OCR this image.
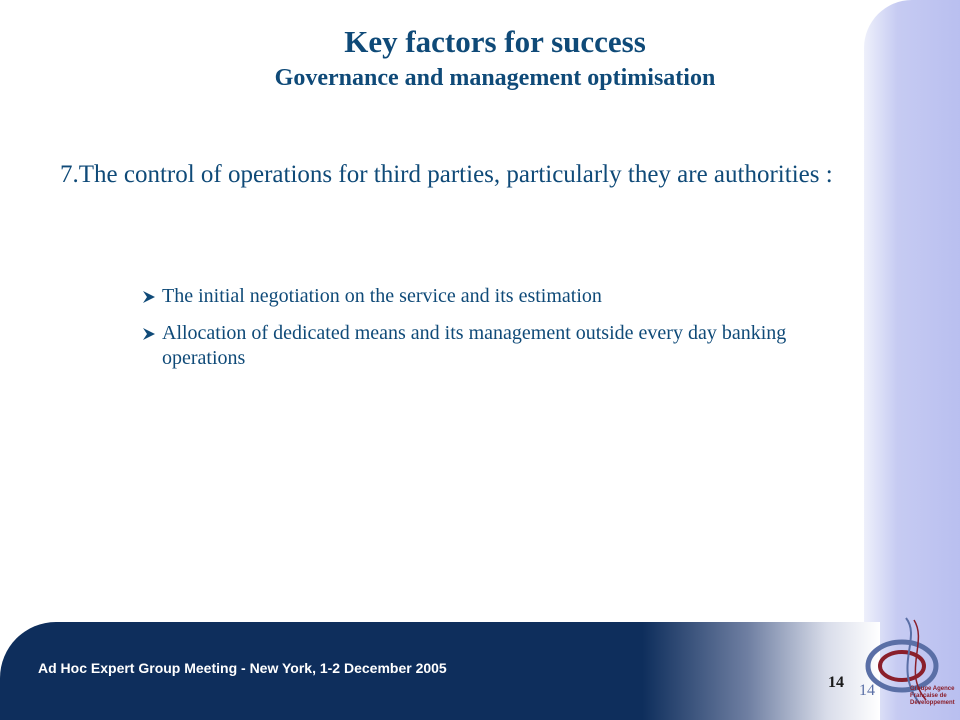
Key factors for success
Governance and management optimisation
7.The control of operations for third parties, particularly they are authorities :
The initial negotiation on the service and its estimation
Allocation of dedicated means and its management outside every day banking operations
Ad Hoc Expert Group Meeting - New York, 1-2 December 2005
14 14	Groupe Agence
Française de
Développement
